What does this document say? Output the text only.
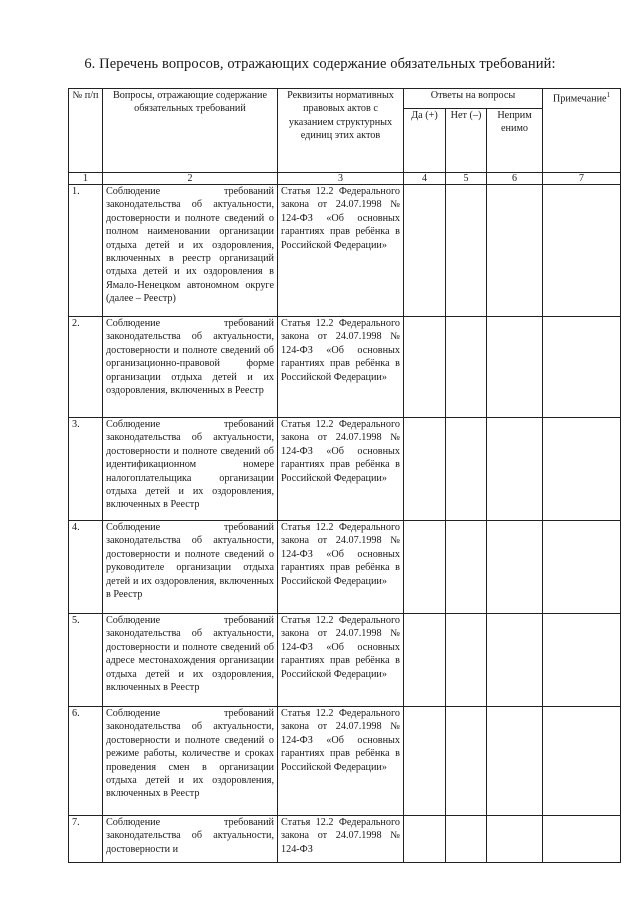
6. Перечень вопросов, отражающих содержание обязательных требований:
№ п/п	Вопросы, отражающие содержание обязательных требований	Реквизиты нормативных правовых актов с указанием структурных единиц этих актов	Ответы на вопросы			Примечание$^1$
			Да (+)	Нет (–)	Неприм енимо	
1	2	3	4	5	6	7
1.	Соблюдение требований законодательства об актуальности, достоверности и полноте сведений о полном наименовании организации отдыха детей и их оздоровления, включенных в реестр организаций отдыха детей и их оздоровления в Ямало-Ненецком автономном округе (далее – Реестр)	Статья 12.2 Федерального закона от 24.07.1998 № 124-ФЗ «Об основных гарантиях прав ребёнка в Российской Федерации»				
2.	Соблюдение требований законодательства об актуальности, достоверности и полноте сведений об организационно-правовой форме организации отдыха детей и их оздоровления, включенных в Реестр	Статья 12.2 Федерального закона от 24.07.1998 № 124-ФЗ «Об основных гарантиях прав ребёнка в Российской Федерации»				
3.	Соблюдение требований законодательства об актуальности, достоверности и полноте сведений об идентификационном номере налогоплательщика организации отдыха детей и их оздоровления, включенных в Реестр	Статья 12.2 Федерального закона от 24.07.1998 № 124-ФЗ «Об основных гарантиях прав ребёнка в Российской Федерации»				
4.	Соблюдение требований законодательства об актуальности, достоверности и полноте сведений о руководителе организации отдыха детей и их оздоровления, включенных в Реестр	Статья 12.2 Федерального закона от 24.07.1998 № 124-ФЗ «Об основных гарантиях прав ребёнка в Российской Федерации»				
5.	Соблюдение требований законодательства об актуальности, достоверности и полноте сведений об адресе местонахождения организации отдыха детей и их оздоровления, включенных в Реестр	Статья 12.2 Федерального закона от 24.07.1998 № 124-ФЗ «Об основных гарантиях прав ребёнка в Российской Федерации»				
6.	Соблюдение требований законодательства об актуальности, достоверности и полноте сведений о режиме работы, количестве и сроках проведения смен в организации отдыха детей и их оздоровления, включенных в Реестр	Статья 12.2 Федерального закона от 24.07.1998 № 124-ФЗ «Об основных гарантиях прав ребёнка в Российской Федерации»				
7.	Соблюдение требований законодательства об актуальности, достоверности и	Статья 12.2 Федерального закона от 24.07.1998 № 124-ФЗ				
